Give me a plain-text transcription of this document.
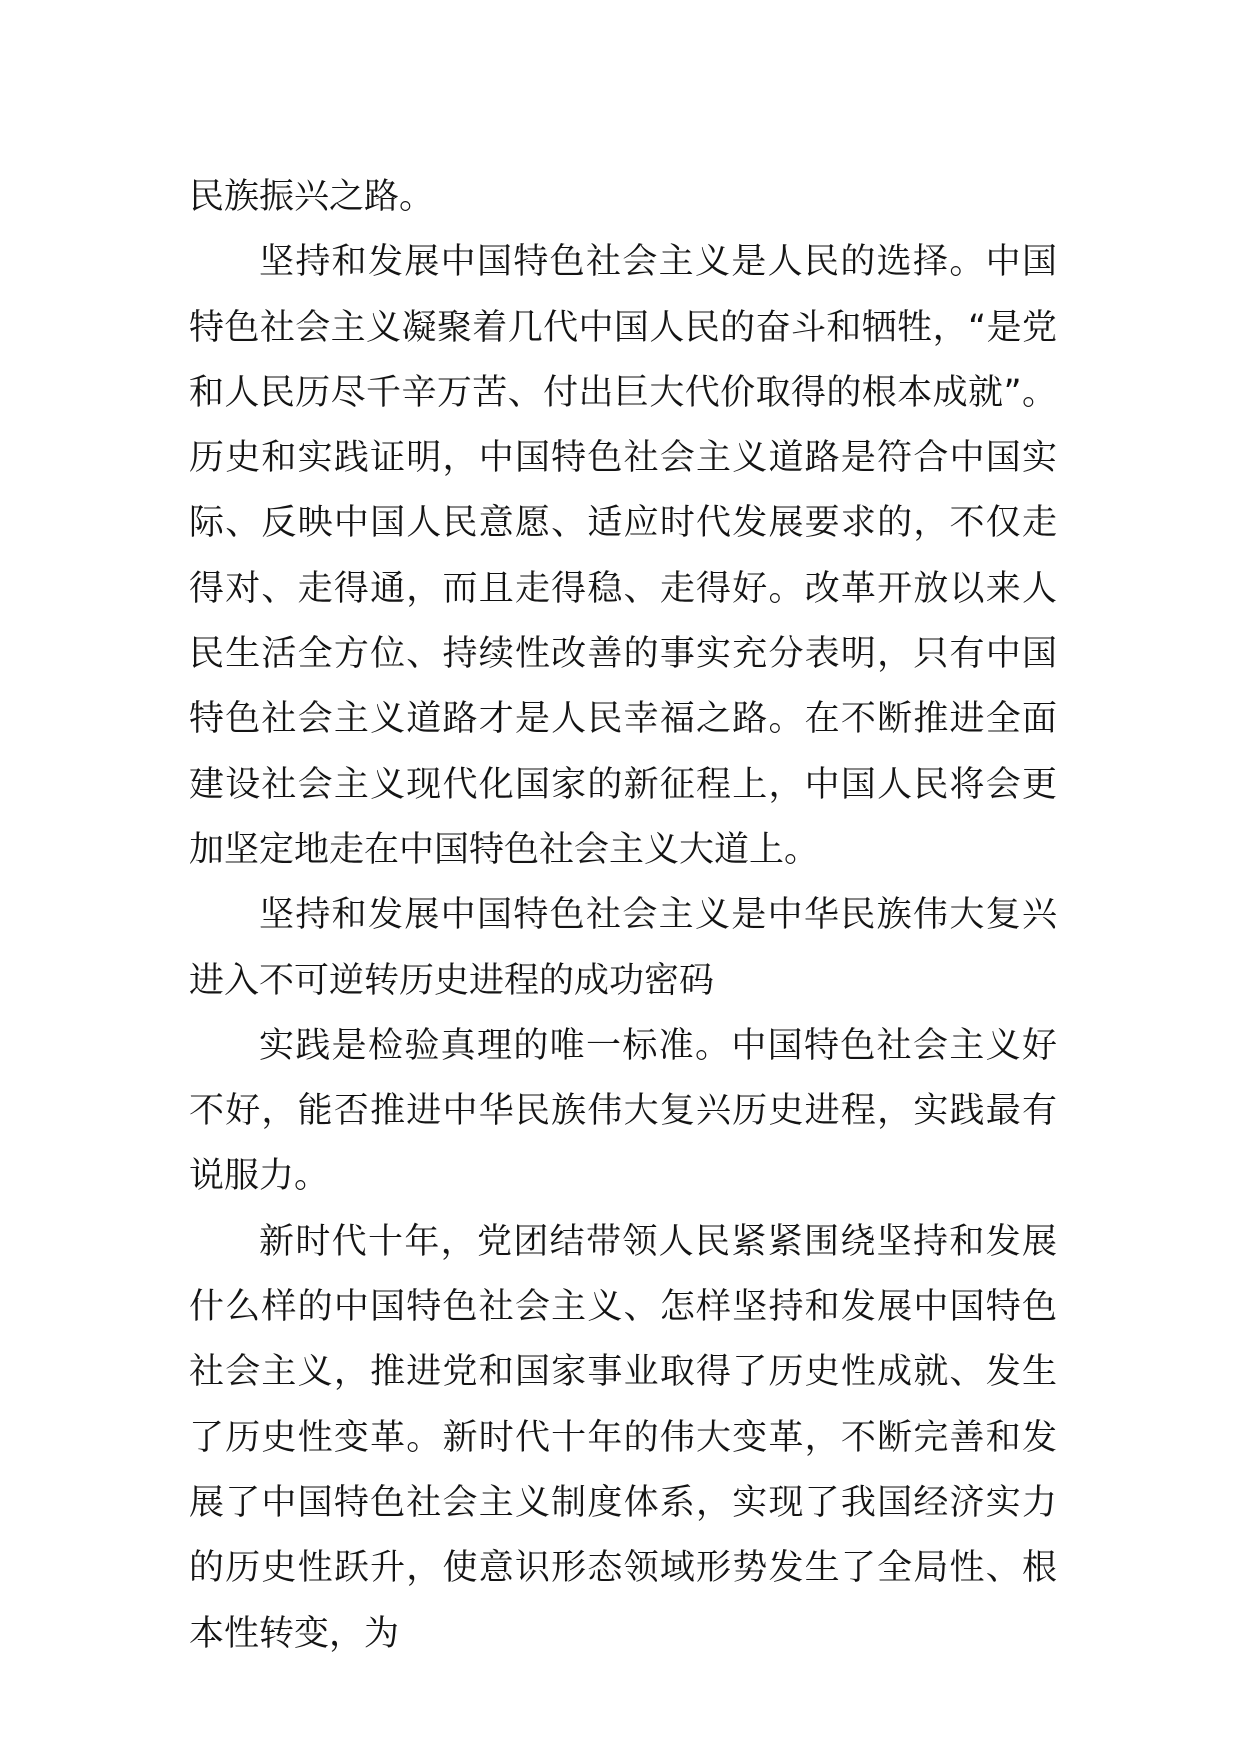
民族振兴之路。

坚持和发展中国特色社会主义是人民的选择。中国特色社会主义凝聚着几代中国人民的奋斗和牺牲，“是党和人民历尽千辛万苦、付出巨大代价取得的根本成就”。历史和实践证明，中国特色社会主义道路是符合中国实际、反映中国人民意愿、适应时代发展要求的，不仅走得对、走得通，而且走得稳、走得好。改革开放以来人民生活全方位、持续性改善的事实充分表明，只有中国特色社会主义道路才是人民幸福之路。在不断推进全面建设社会主义现代化国家的新征程上，中国人民将会更加坚定地走在中国特色社会主义大道上。

坚持和发展中国特色社会主义是中华民族伟大复兴进入不可逆转历史进程的成功密码

实践是检验真理的唯一标准。中国特色社会主义好不好，能否推进中华民族伟大复兴历史进程，实践最有说服力。

新时代十年，党团结带领人民紧紧围绕坚持和发展什么样的中国特色社会主义、怎样坚持和发展中国特色社会主义，推进党和国家事业取得了历史性成就、发生了历史性变革。新时代十年的伟大变革，不断完善和发展了中国特色社会主义制度体系，实现了我国经济实力的历史性跃升，使意识形态领域形势发生了全局性、根本性转变，为
